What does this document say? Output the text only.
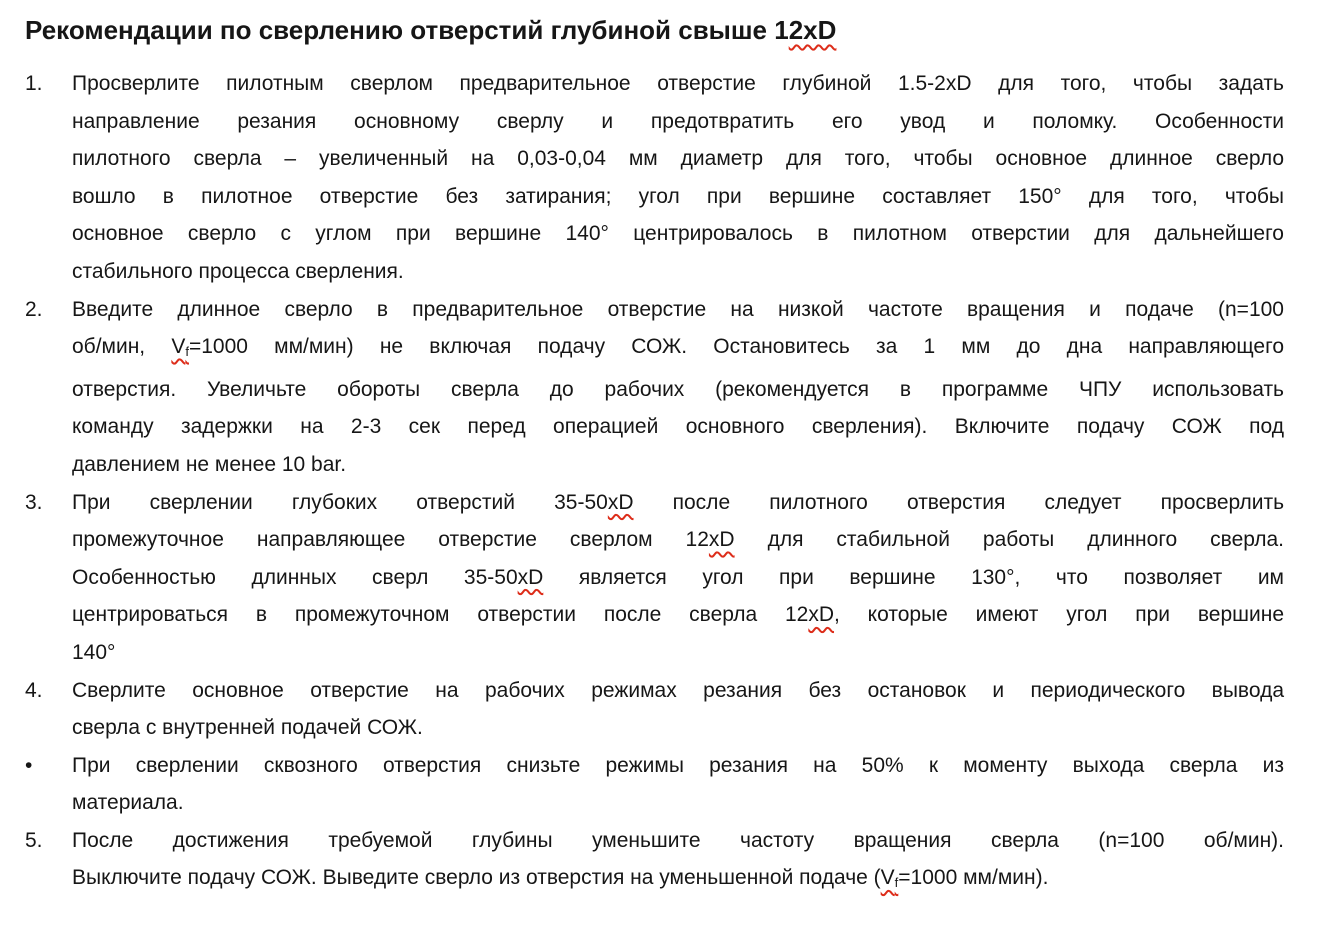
Рекомендации по сверлению отверстий глубиной свыше 12xD
1.	Просверлите пилотным сверлом предварительное отверстие глубиной 1.5-2xD для того, чтобы задать
направление резания основному сверлу и предотвратить его увод и поломку. Особенности
пилотного сверла – увеличенный на 0,03-0,04 мм диаметр для того, чтобы основное длинное сверло
вошло в пилотное отверстие без затирания; угол при вершине составляет 150° для того, чтобы
основное сверло с углом при вершине 140° центрировалось в пилотном отверстии для дальнейшего
стабильного процесса сверления.
2.	Введите длинное сверло в предварительное отверстие на низкой частоте вращения и подаче (n=100
об/мин, $V_f=1000$ мм/мин) не включая подачу СОЖ. Остановитесь за 1 мм до дна направляющего
отверстия. Увеличьте обороты сверла до рабочих (рекомендуется в программе ЧПУ использовать
команду задержки на 2-3 сек перед операцией основного сверления). Включите подачу СОЖ под
давлением не менее 10 bar.
3.	При сверлении глубоких отверстий 35-50xD после пилотного отверстия следует просверлить
промежуточное направляющее отверстие сверлом 12xD для стабильной работы длинного сверла.
Особенностью длинных сверл 35-50xD является угол при вершине 130°, что позволяет им
центрироваться в промежуточном отверстии после сверла 12xD, которые имеют угол при вершине
140°
4.	Сверлите основное отверстие на рабочих режимах резания без остановок и периодического вывода
сверла с внутренней подачей СОЖ.
•	При сверлении сквозного отверстия снизьте режимы резания на 50% к моменту выхода сверла из
материала.
5.	После достижения требуемой глубины уменьшите частоту вращения сверла (n=100 об/мин).
Выключите подачу СОЖ. Выведите сверло из отверстия на уменьшенной подаче ($V_f=1000$ мм/мин).
